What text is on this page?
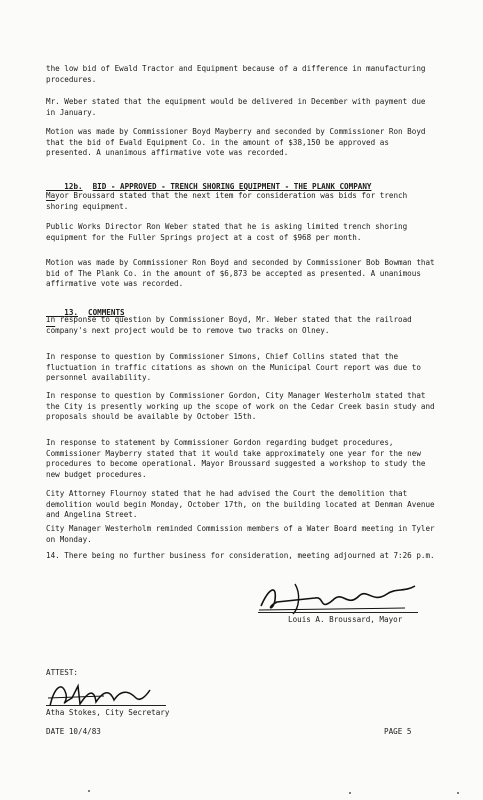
the low bid of Ewald Tractor and Equipment because of a difference in manufacturing procedures.

Mr. Weber stated that the equipment would be delivered in December with payment due in January.

Motion was made by Commissioner Boyd Mayberry and seconded by Commissioner Ron Boyd that the bid of Ewald Equipment Co. in the amount of $38,150 be approved as presented. A unanimous affirmative vote was recorded.

12b. BID - APPROVED - TRENCH SHORING EQUIPMENT - THE PLANK COMPANY

Mayor Broussard stated that the next item for consideration was bids for trench shoring equipment.

Public Works Director Ron Weber stated that he is asking limited trench shoring equipment for the Fuller Springs project at a cost of $968 per month.

Motion was made by Commissioner Ron Boyd and seconded by Commissioner Bob Bowman that bid of The Plank Co. in the amount of $6,873 be accepted as presented. A unanimous affirmative vote was recorded.

13. COMMENTS

In response to question by Commissioner Boyd, Mr. Weber stated that the railroad company's next project would be to remove two tracks on Olney.

In response to question by Commissioner Simons, Chief Collins stated that the fluctuation in traffic citations as shown on the Municipal Court report was due to personnel availability.

In response to question by Commissioner Gordon, City Manager Westerholm stated that the City is presently working up the scope of work on the Cedar Creek basin study and proposals should be available by October 15th.

In response to statement by Commissioner Gordon regarding budget procedures, Commissioner Mayberry stated that it would take approximately one year for the new procedures to become operational. Mayor Broussard suggested a workshop to study the new budget procedures.

City Attorney Flournoy stated that he had advised the Court the demolition that demolition would begin Monday, October 17th, on the building located at Denman Avenue and Angelina Street.

City Manager Westerholm reminded Commission members of a Water Board meeting in Tyler on Monday.

14. There being no further business for consideration, meeting adjourned at 7:26 p.m.

Louis A. Broussard, Mayor
ATTEST:
Atha Stokes, City Secretary
DATE 10/4/83	PAGE 5
